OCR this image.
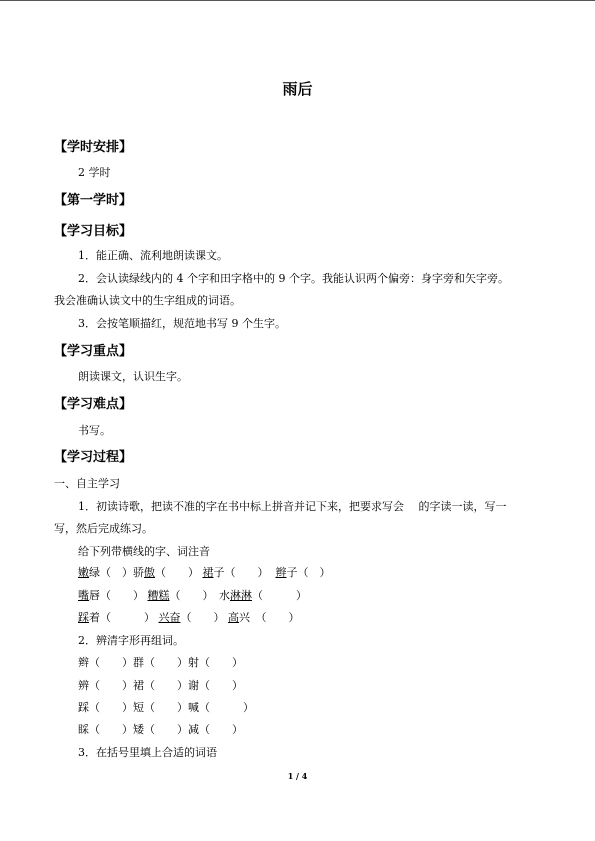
雨后
【学时安排】
2 学时
【第一学时】
【学习目标】
1．能正确、流利地朗读课文。
2．会认读绿线内的 4 个字和田字格中的 9 个字。我能认识两个偏旁：身字旁和矢字旁。
我会准确认读文中的生字组成的词语。
3．会按笔顺描红，规范地书写 9 个生字。
【学习重点】
朗读课文，认识生字。
【学习难点】
书写。
【学习过程】
一、自主学习
1．初读诗歌，把读不准的字在书中标上拼音并记下来，把要求写会　 的字读一读，写一
写，然后完成练习。
给下列带横线的字、词注音
嫩绿（　）骄傲（　　） 裙子（　　） 辫子（　）
嘴唇（　　） 糟糕（　　）　水淋淋（　　　）
踩着（　　　） 兴奋（　　） 高兴　（　　）
2．辨清字形再组词。
辫（　　）群（　　）射（　　）
辨（　　）裙（　　）谢（　　）
踩（　　）短（　　）喊（　　　）
睬（　　）矮（　　）减（　　）
3．在括号里填上合适的词语
1 / 4
